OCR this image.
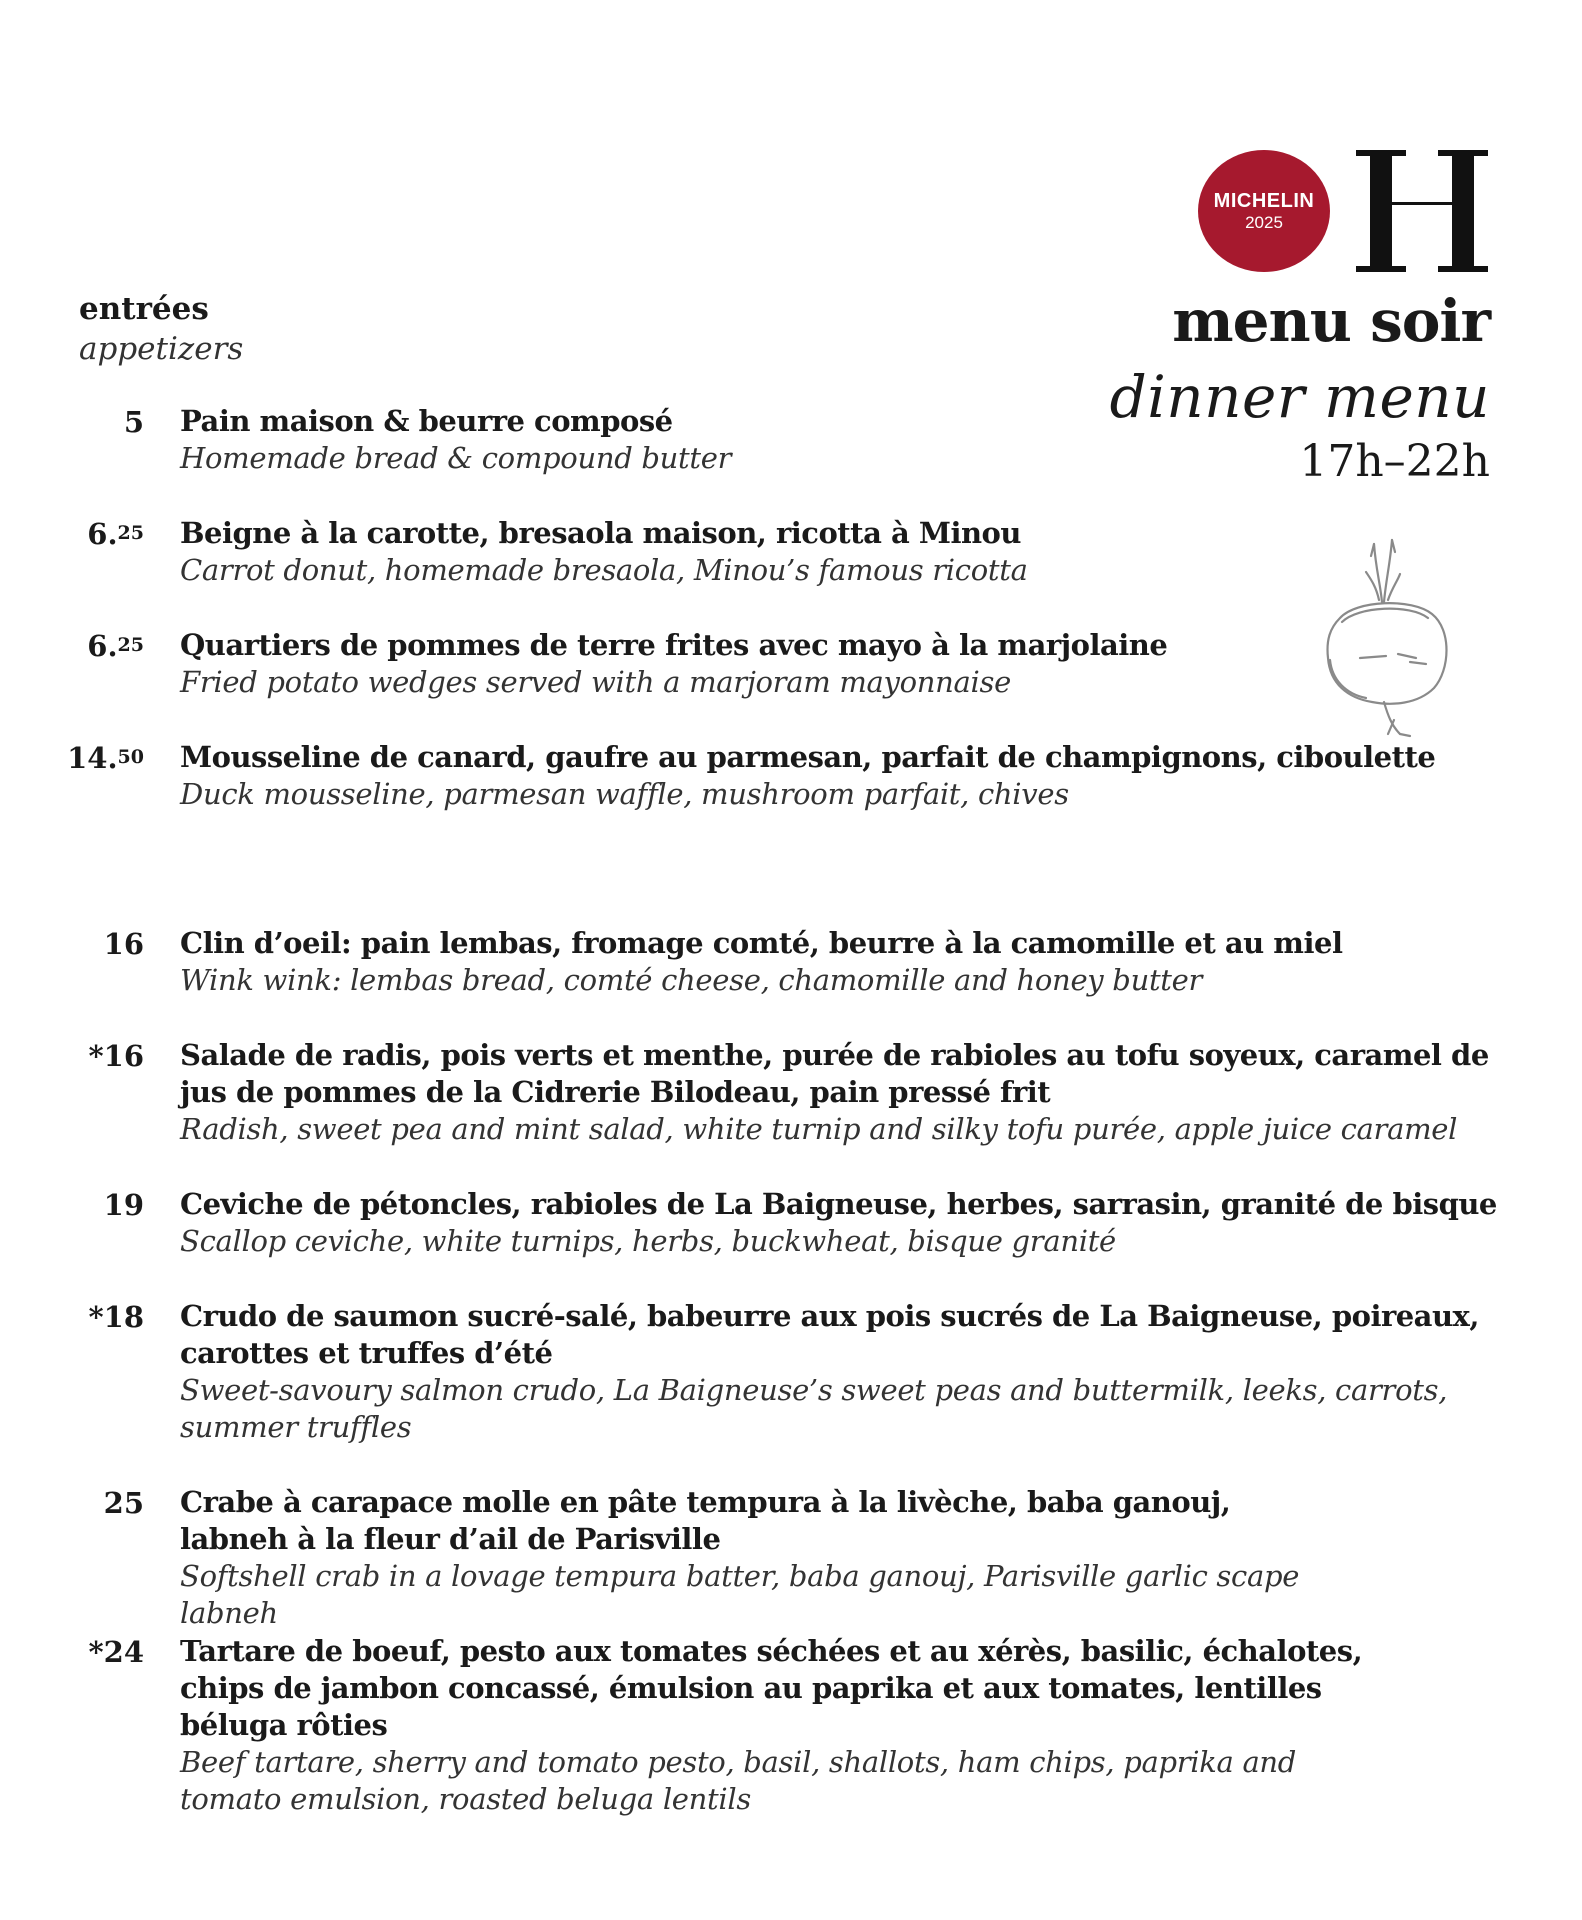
MICHELIN
2025
menu soir
dinner menu
17h–22h
entrées
appetizers
5 Pain maison & beurre composé
Homemade bread & compound butter
6.25 Beigne à la carotte, bresaola maison, ricotta à Minou
Carrot donut, homemade bresaola, Minou’s famous ricotta
6.25 Quartiers de pommes de terre frites avec mayo à la marjolaine
Fried potato wedges served with a marjoram mayonnaise
14.50 Mousseline de canard, gaufre au parmesan, parfait de champignons, ciboulette
Duck mousseline, parmesan waffle, mushroom parfait, chives
16 Clin d’oeil: pain lembas, fromage comté, beurre à la camomille et au miel
Wink wink: lembas bread, comté cheese, chamomille and honey butter
*16 Salade de radis, pois verts et menthe, purée de rabioles au tofu soyeux, caramel de jus de pommes de la Cidrerie Bilodeau, pain pressé frit
Radish, sweet pea and mint salad, white turnip and silky tofu purée, apple juice caramel
19 Ceviche de pétoncles, rabioles de La Baigneuse, herbes, sarrasin, granité de bisque
Scallop ceviche, white turnips, herbs, buckwheat, bisque granité
*18 Crudo de saumon sucré-salé, babeurre aux pois sucrés de La Baigneuse, poireaux, carottes et truffes d’été
Sweet-savoury salmon crudo, La Baigneuse’s sweet peas and buttermilk, leeks, carrots, summer truffles
25 Crabe à carapace molle en pâte tempura à la livèche, baba ganouj, labneh à la fleur d’ail de Parisville
Softshell crab in a lovage tempura batter, baba ganouj, Parisville garlic scape labneh
*24 Tartare de boeuf, pesto aux tomates séchées et au xérès, basilic, échalotes, chips de jambon concassé, émulsion au paprika et aux tomates, lentilles béluga rôties
Beef tartare, sherry and tomato pesto, basil, shallots, ham chips, paprika and tomato emulsion, roasted beluga lentils
